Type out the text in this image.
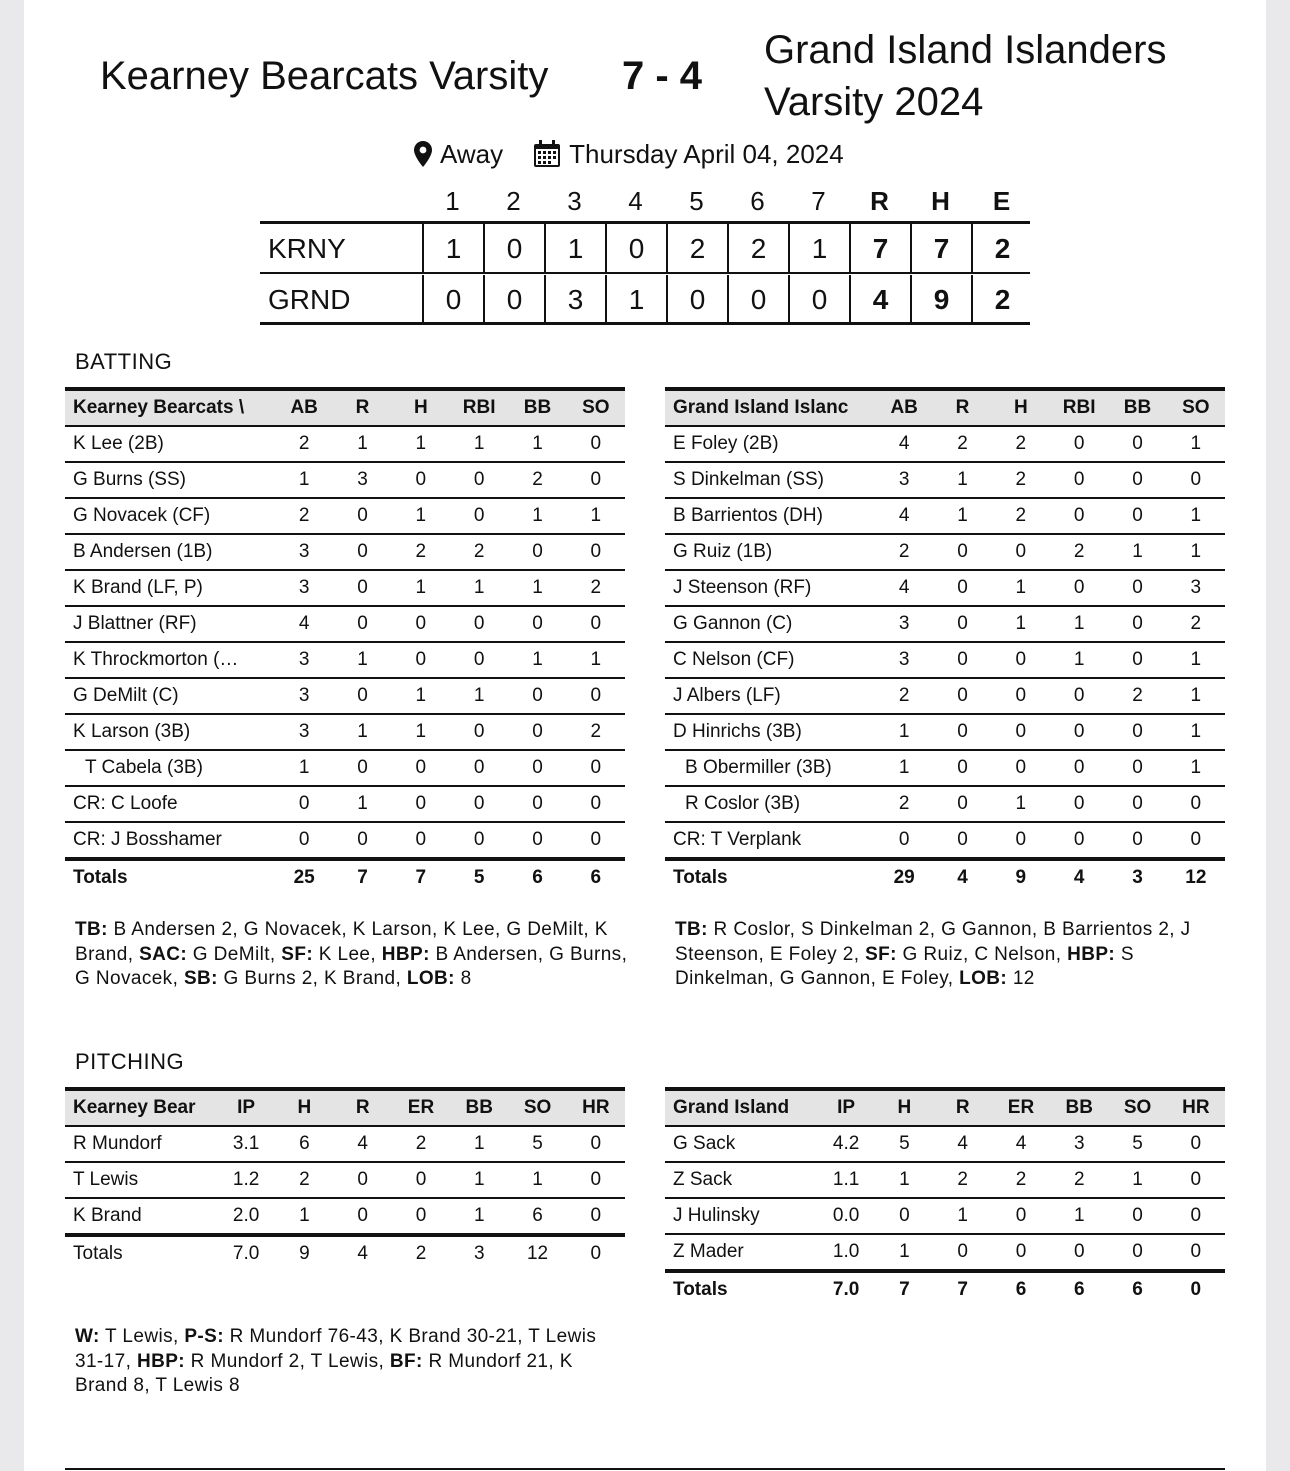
Kearney Bearcats Varsity 7 - 4
Grand Island Islanders
Varsity 2024
Away	Thursday April 04, 2024
1	2	3	4	5	6	7	R	H	E
KRNY	1	0	1	0	2	2	1	7	7	2
GRND	0	0	3	1	0	0	0	4	9	2
BATTING
Kearney Bearcats \	AB	R	H	RBI	BB	SO
K Lee (2B)	2	1	1	1	1	0
G Burns (SS)	1	3	0	0	2	0
G Novacek (CF)	2	0	1	0	1	1
B Andersen (1B)	3	0	2	2	0	0
K Brand (LF, P)	3	0	1	1	1	2
J Blattner (RF)	4	0	0	0	0	0
K Throckmorton (…	3	1	0	0	1	1
G DeMilt (C)	3	0	1	1	0	0
K Larson (3B)	3	1	1	0	0	2
T Cabela (3B)	1	0	0	0	0	0
CR: C Loofe	0	1	0	0	0	0
CR: J Bosshamer	0	0	0	0	0	0
Totals	25	7	7	5	6	6
Grand Island Islanc	AB	R	H	RBI	BB	SO
E Foley (2B)	4	2	2	0	0	1
S Dinkelman (SS)	3	1	2	0	0	0
B Barrientos (DH)	4	1	2	0	0	1
G Ruiz (1B)	2	0	0	2	1	1
J Steenson (RF)	4	0	1	0	0	3
G Gannon (C)	3	0	1	1	0	2
C Nelson (CF)	3	0	0	1	0	1
J Albers (LF)	2	0	0	0	2	1
D Hinrichs (3B)	1	0	0	0	0	1
B Obermiller (3B)	1	0	0	0	0	1
R Coslor (3B)	2	0	1	0	0	0
CR: T Verplank	0	0	0	0	0	0
Totals	29	4	9	4	3	12
TB: B Andersen 2, G Novacek, K Larson, K Lee, G DeMilt, K Brand, SAC: G DeMilt, SF: K Lee, HBP: B Andersen, G Burns, G Novacek, SB: G Burns 2, K Brand, LOB: 8
TB: R Coslor, S Dinkelman 2, G Gannon, B Barrientos 2, J Steenson, E Foley 2, SF: G Ruiz, C Nelson, HBP: S Dinkelman, G Gannon, E Foley, LOB: 12
PITCHING
Kearney Bear	IP	H	R	ER	BB	SO	HR
R Mundorf	3.1	6	4	2	1	5	0
T Lewis	1.2	2	0	0	1	1	0
K Brand	2.0	1	0	0	1	6	0
Totals	7.0	9	4	2	3	12	0
Grand Island	IP	H	R	ER	BB	SO	HR
G Sack	4.2	5	4	4	3	5	0
Z Sack	1.1	1	2	2	2	1	0
J Hulinsky	0.0	0	1	0	1	0	0
Z Mader	1.0	1	0	0	0	0	0
Totals	7.0	7	7	6	6	6	0
W: T Lewis, P-S: R Mundorf 76-43, K Brand 30-21, T Lewis 31-17, HBP: R Mundorf 2, T Lewis, BF: R Mundorf 21, K Brand 8, T Lewis 8
